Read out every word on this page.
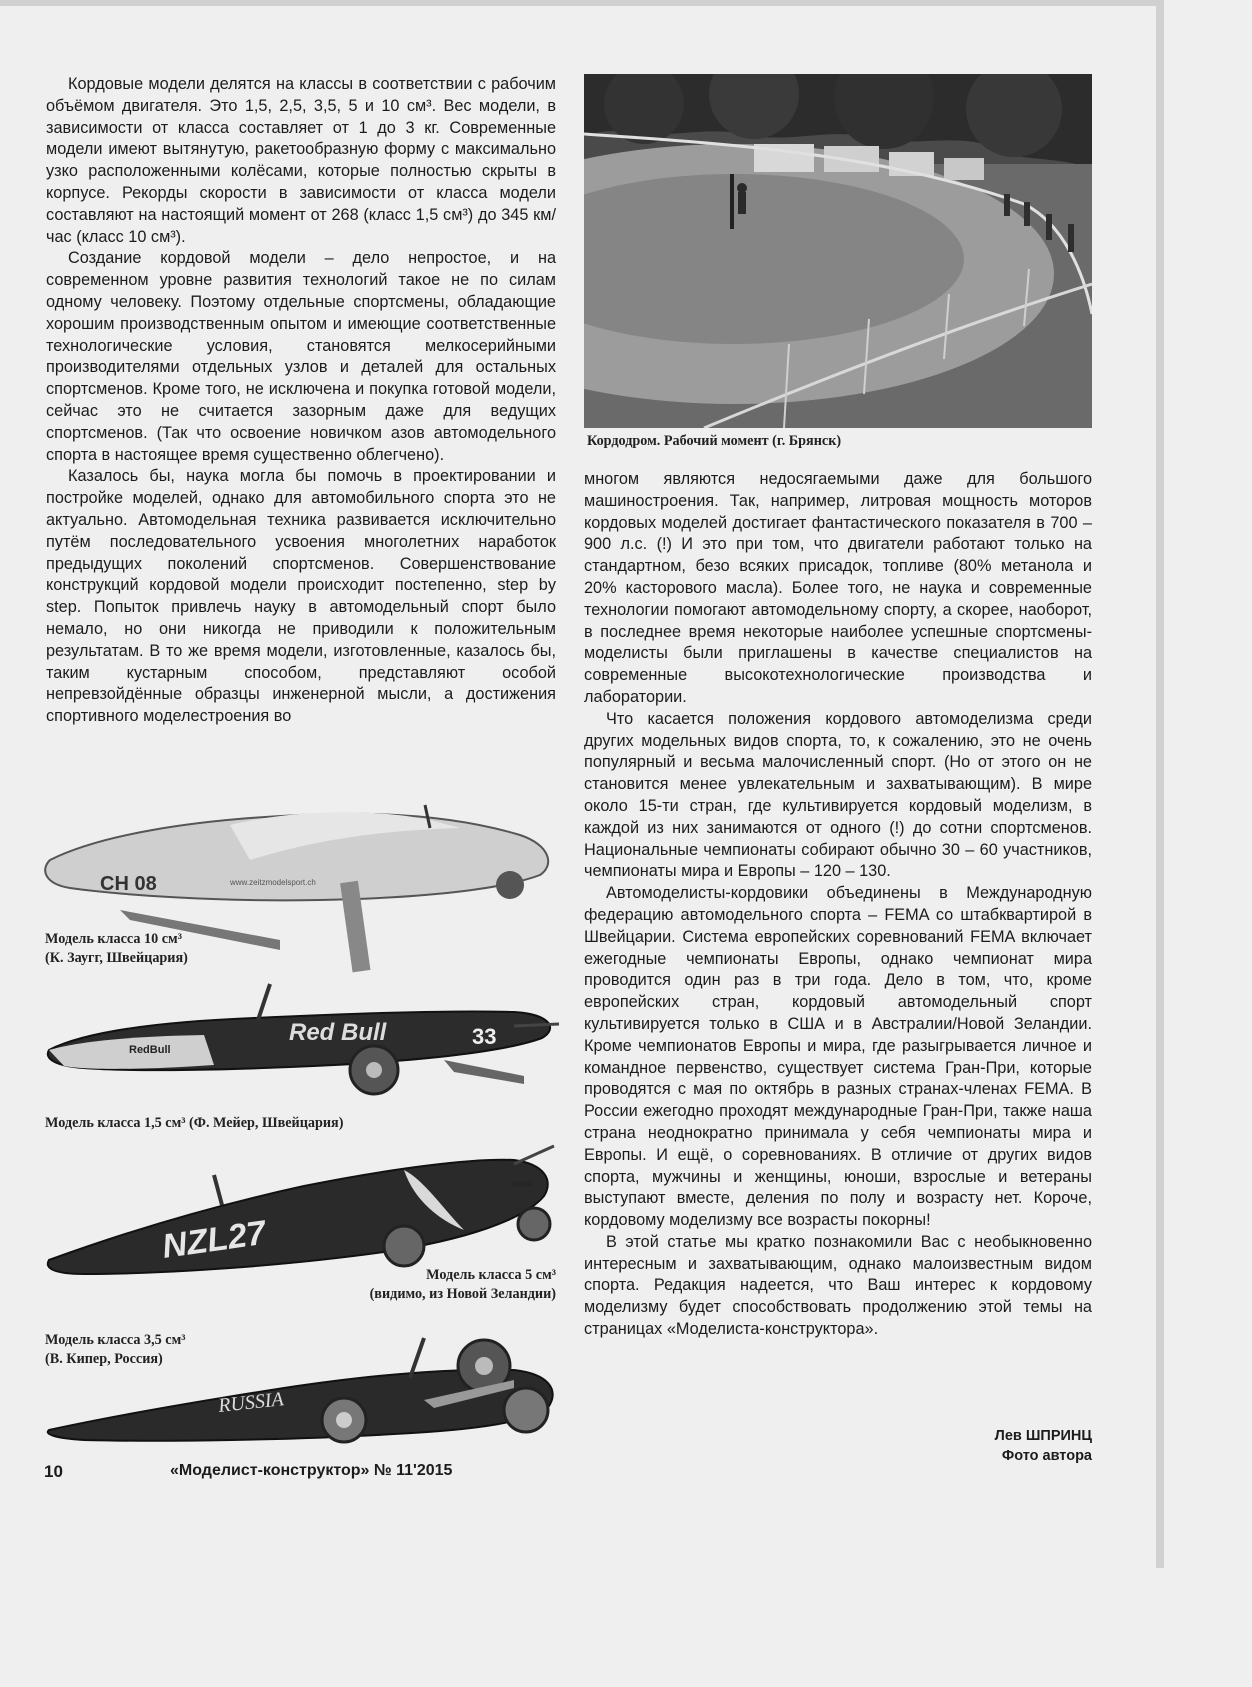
Кордовые модели делятся на классы в соответствии с рабочим объёмом двигателя. Это 1,5, 2,5, 3,5, 5 и 10 см³. Вес модели, в зависимости от класса составляет от 1 до 3 кг. Современные модели имеют вытянутую, ракетообразную форму с максимально узко расположенными колёсами, которые полностью скрыты в корпусе. Рекорды скорости в зависимости от класса модели составляют на настоящий момент от 268 (класс 1,5 см³) до 345 км/час (класс 10 см³).

Создание кордовой модели – дело непростое, и на современном уровне развития технологий такое не по силам одному человеку. Поэтому отдельные спортсмены, обладающие хорошим производственным опытом и имеющие соответственные технологические условия, становятся мелкосерийными производителями отдельных узлов и деталей для остальных спортсменов. Кроме того, не исключена и покупка готовой модели, сейчас это не считается зазорным даже для ведущих спортсменов. (Так что освоение новичком азов автомодельного спорта в настоящее время существенно облегчено).

Казалось бы, наука могла бы помочь в проектировании и постройке моделей, однако для автомобильного спорта это не актуально. Автомодельная техника развивается исключительно путём последовательного усвоения многолетних наработок предыдущих поколений спортсменов. Совершенствование конструкций кордовой модели происходит постепенно, step by step. Попыток привлечь науку в автомодельный спорт было немало, но они никогда не приводили к положительным результатам. В то же время модели, изготовленные, казалось бы, таким кустарным способом, представляют особой непревзойдённые образцы инженерной мысли, а достижения спортивного моделестроения во

Кордодром. Рабочий момент (г. Брянск)

многом являются недосягаемыми даже для большого машиностроения. Так, например, литровая мощность моторов кордовых моделей достигает фантастического показателя в 700 – 900 л.с. (!) И это при том, что двигатели работают только на стандартном, безо всяких присадок, топливе (80% метанола и 20% касторового масла). Более того, не наука и современные технологии помогают автомодельному спорту, а скорее, наоборот, в последнее время некоторые наиболее успешные спортсмены-моделисты были приглашены в качестве специалистов на современные высокотехнологические производства и лаборатории.

Что касается положения кордового автомоделизма среди других модельных видов спорта, то, к сожалению, это не очень популярный и весьма малочисленный спорт. (Но от этого он не становится менее увлекательным и захватывающим). В мире около 15-ти стран, где культивируется кордовый моделизм, в каждой из них занимаются от одного (!) до сотни спортсменов. Национальные чемпионаты собирают обычно 30 – 60 участников, чемпионаты мира и Европы – 120 – 130.

Автомоделисты-кордовики объединены в Международную федерацию автомодельного спорта – FEMA со штабквартирой в Швейцарии. Система европейских соревнований FEMA включает ежегодные чемпионаты Европы, однако чемпионат мира проводится один раз в три года. Дело в том, что, кроме европейских стран, кордовый автомодельный спорт культивируется только в США и в Австралии/Новой Зеландии. Кроме чемпионатов Европы и мира, где разыгрывается личное и командное первенство, существует система Гран-При, которые проводятся с мая по октябрь в разных странах-членах FEMA. В России ежегодно проходят международные Гран-При, также наша страна неоднократно принимала у себя чемпионаты мира и Европы. И ещё, о соревнованиях. В отличие от других видов спорта, мужчины и женщины, юноши, взрослые и ветераны выступают вместе, деления по полу и возрасту нет. Короче, кордовому моделизму все возрасты покорны!

В этой статье мы кратко познакомили Вас с необыкновенно интересным и захватывающим, однако малоизвестным видом спорта. Редакция надеется, что Ваш интерес к кордовому моделизму будет способствовать продолжению этой темы на страницах «Моделиста-конструктора».

CH 08	www.zeitzmodelsport.ch
Модель класса 10 см³
(К. Заугг, Швейцария)
Red Bull	33
RedBull
Модель класса 1,5 см³ (Ф. Мейер, Швейцария)
NZL27
SHACE
Модель класса 5 см³
(видимо, из Новой Зеландии)
Модель класса 3,5 см³
(В. Кипер, Россия)
RUSSIA
Лев ШПРИНЦ
Фото автора
10	«Моделист-конструктор» № 11'2015
